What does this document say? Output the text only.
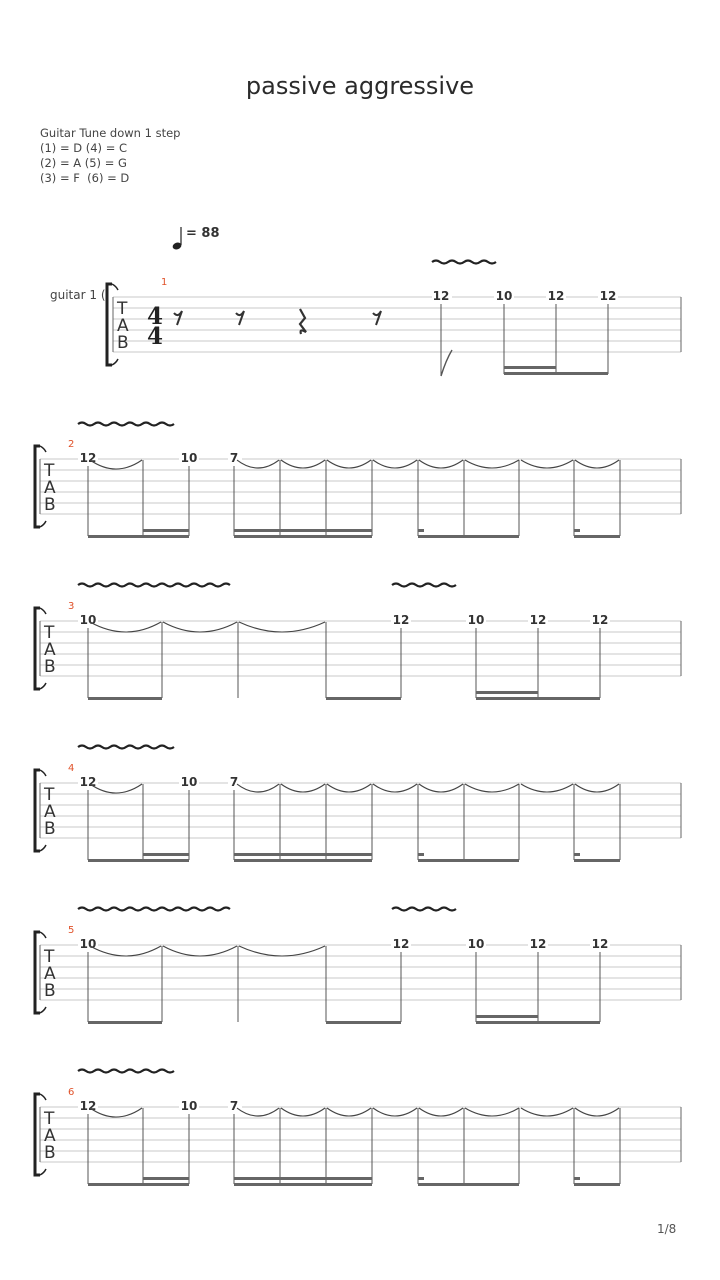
passive aggressive
Guitar Tune down 1 step
(1) = D (4) = C
(2) = A (5) = G
(3) = F  (6) = D
= 88
guitar 1 (
1/8
T
A
B
4
4
1
12	10	12	12
T
A
B
2
12	10	7
T
A
B
3
10	12	10	12	12
T
A
B
4
12	10	7
T
A
B
5
10	12	10	12	12
T
A
B
6
12	10	7
